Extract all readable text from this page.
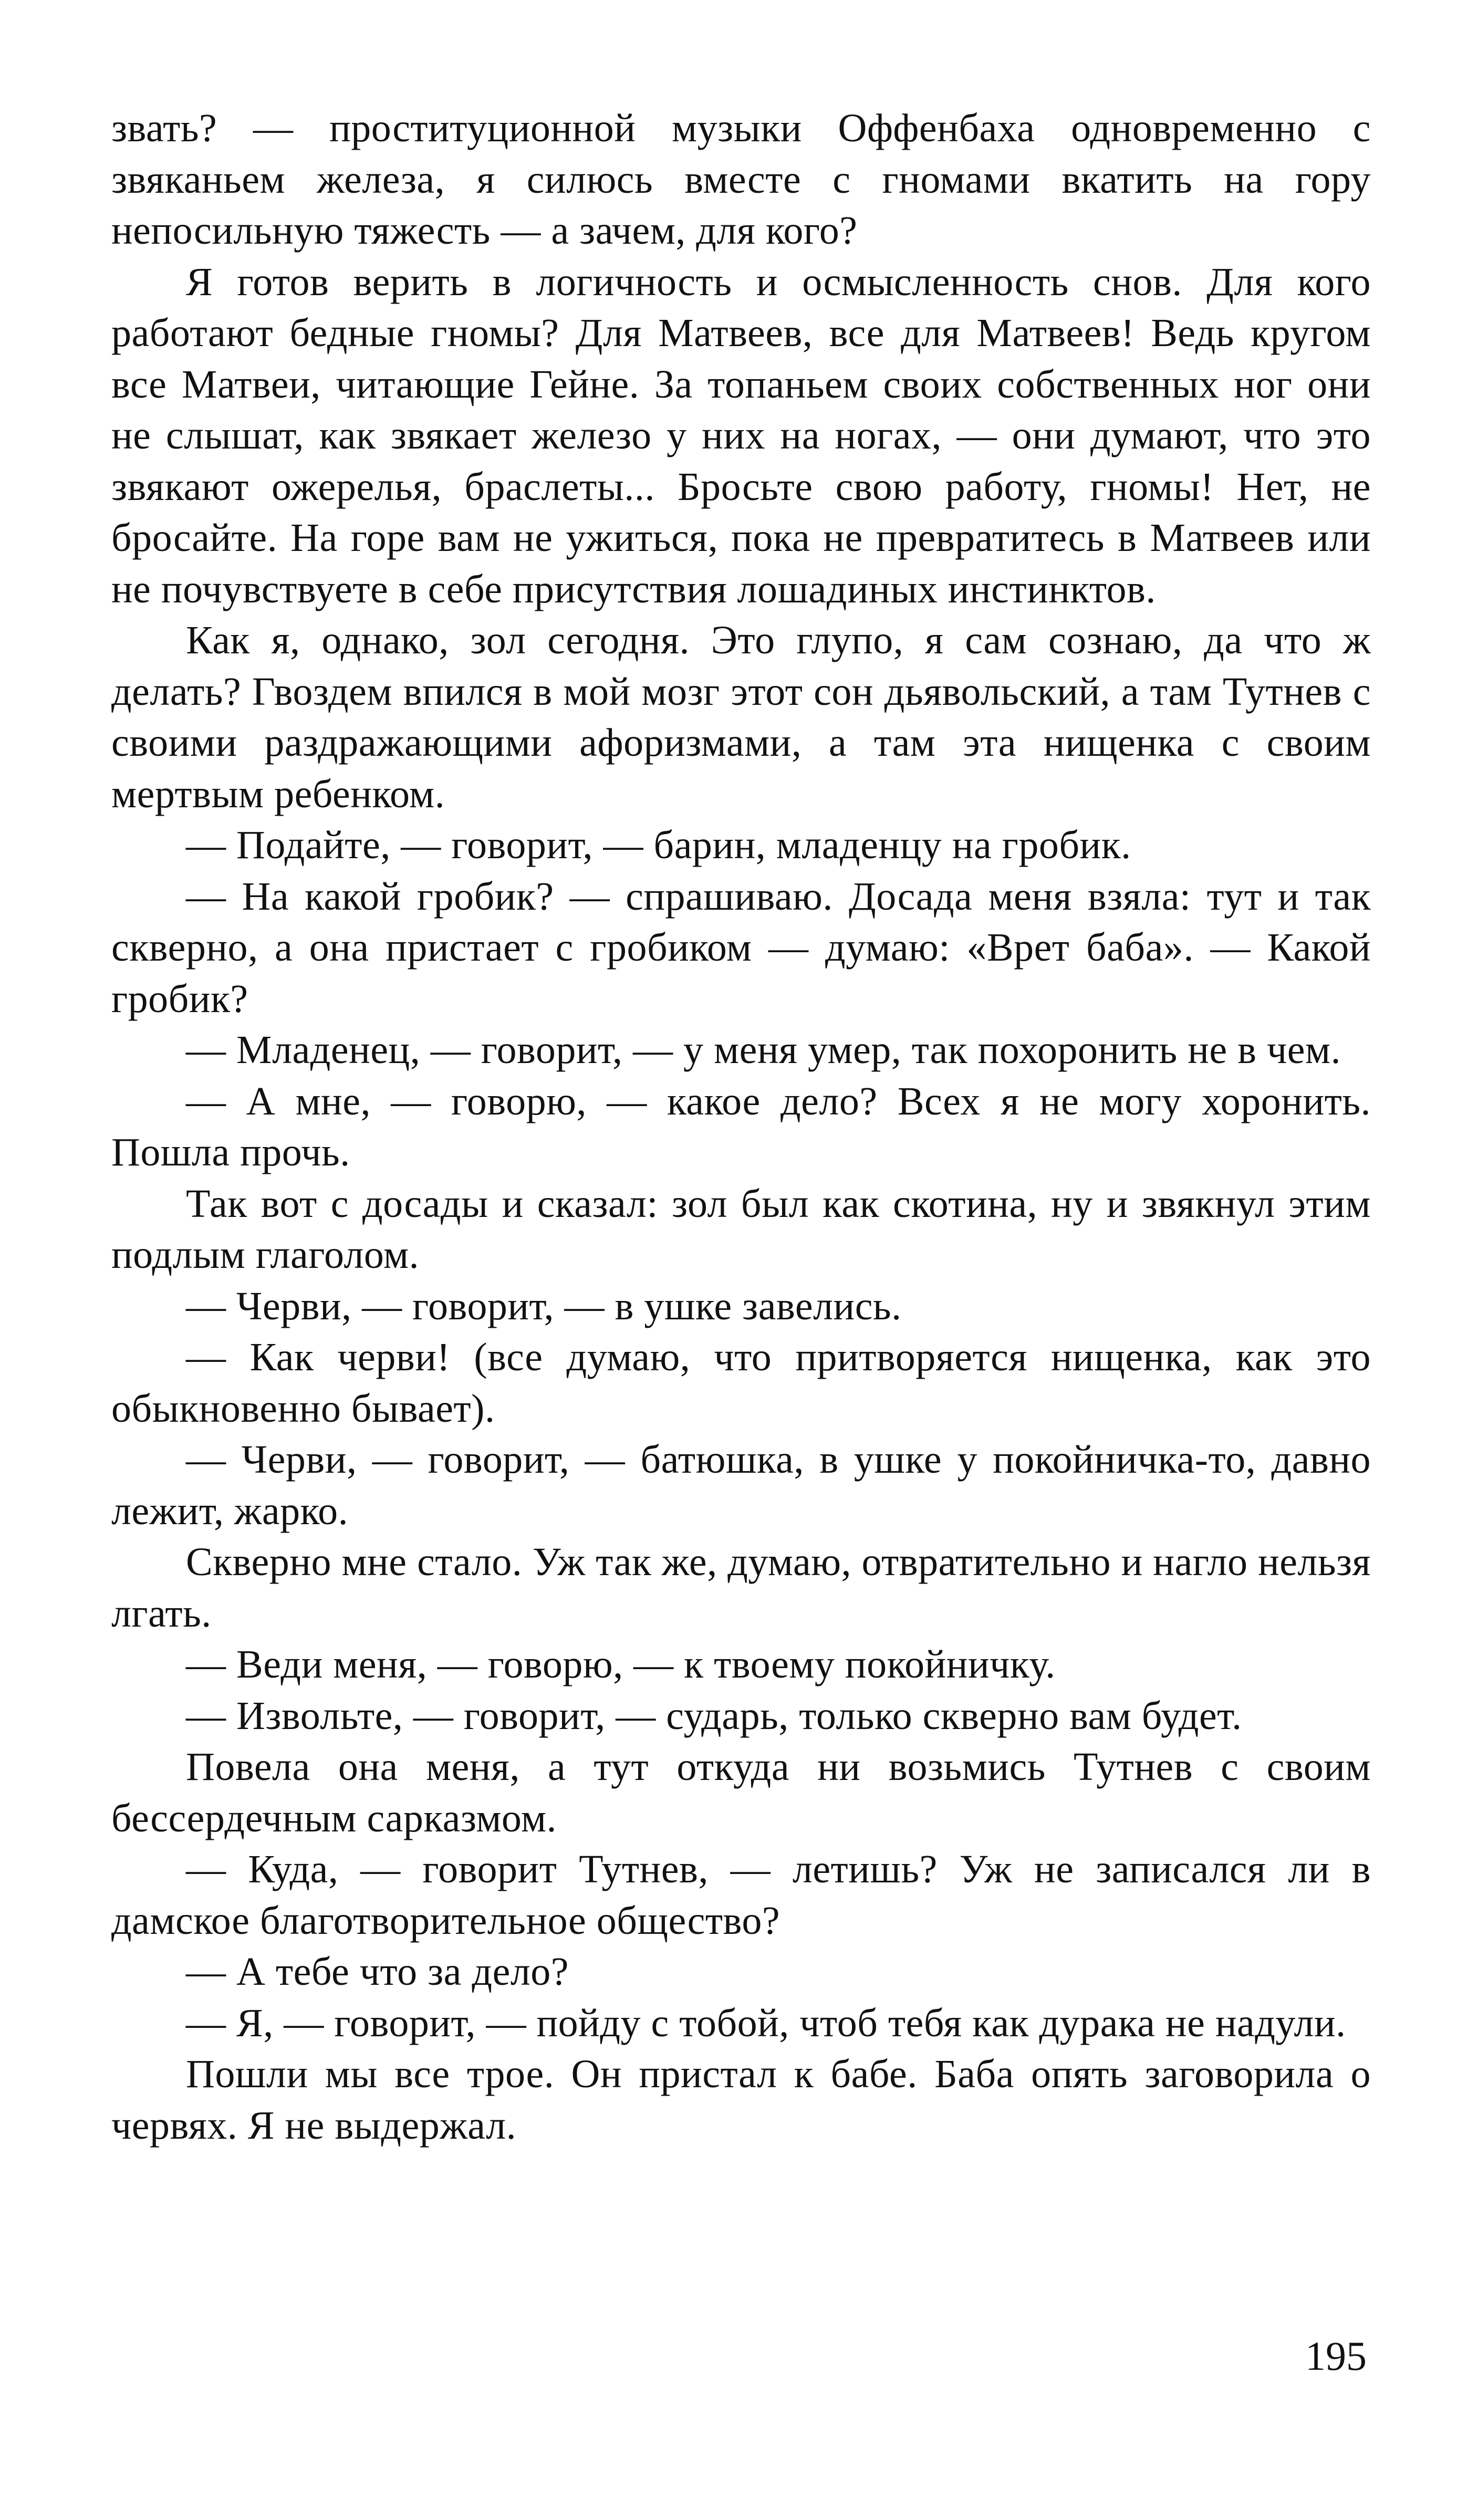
звать? — проституционной музыки Оффенбаха одновременно с звяканьем железа, я силюсь вместе с гномами вкатить на гору непосильную тяжесть — а зачем, для кого?

Я готов верить в логичность и осмысленность снов. Для кого работают бедные гномы? Для Матвеев, все для Матвеев! Ведь кругом все Матвеи, читающие Гейне. За топаньем своих собственных ног они не слышат, как звякает железо у них на ногах, — они думают, что это звякают ожерелья, браслеты... Бросьте свою работу, гномы! Нет, не бросайте. На горе вам не ужиться, пока не превратитесь в Матвеев или не почувствуете в себе присутствия лошадиных инстинктов.

Как я, однако, зол сегодня. Это глупо, я сам сознаю, да что ж делать? Гвоздем впился в мой мозг этот сон дьявольский, а там Тутнев с своими раздражающими афоризмами, а там эта нищенка с своим мертвым ребенком.

— Подайте, — говорит, — барин, младенцу на гробик.

— На какой гробик? — спрашиваю. Досада меня взяла: тут и так скверно, а она пристает с гробиком — думаю: «Врет баба». — Какой гробик?

— Младенец, — говорит, — у меня умер, так похоронить не в чем.

— А мне, — говорю, — какое дело? Всех я не могу хоронить. Пошла прочь.

Так вот с досады и сказал: зол был как скотина, ну и звякнул этим подлым глаголом.

— Черви, — говорит, — в ушке завелись.

— Как черви! (все думаю, что притворяется нищенка, как это обыкновенно бывает).

— Черви, — говорит, — батюшка, в ушке у покойничка-то, давно лежит, жарко.

Скверно мне стало. Уж так же, думаю, отвратительно и нагло нельзя лгать.

— Веди меня, — говорю, — к твоему покойничку.

— Извольте, — говорит, — сударь, только скверно вам будет.

Повела она меня, а тут откуда ни возьмись Тутнев с своим бессердечным сарказмом.

— Куда, — говорит Тутнев, — летишь? Уж не записался ли в дамское благотворительное общество?

— А тебе что за дело?

— Я, — говорит, — пойду с тобой, чтоб тебя как дурака не надули.

Пошли мы все трое. Он пристал к бабе. Баба опять заговорила о червях. Я не выдержал.

195
